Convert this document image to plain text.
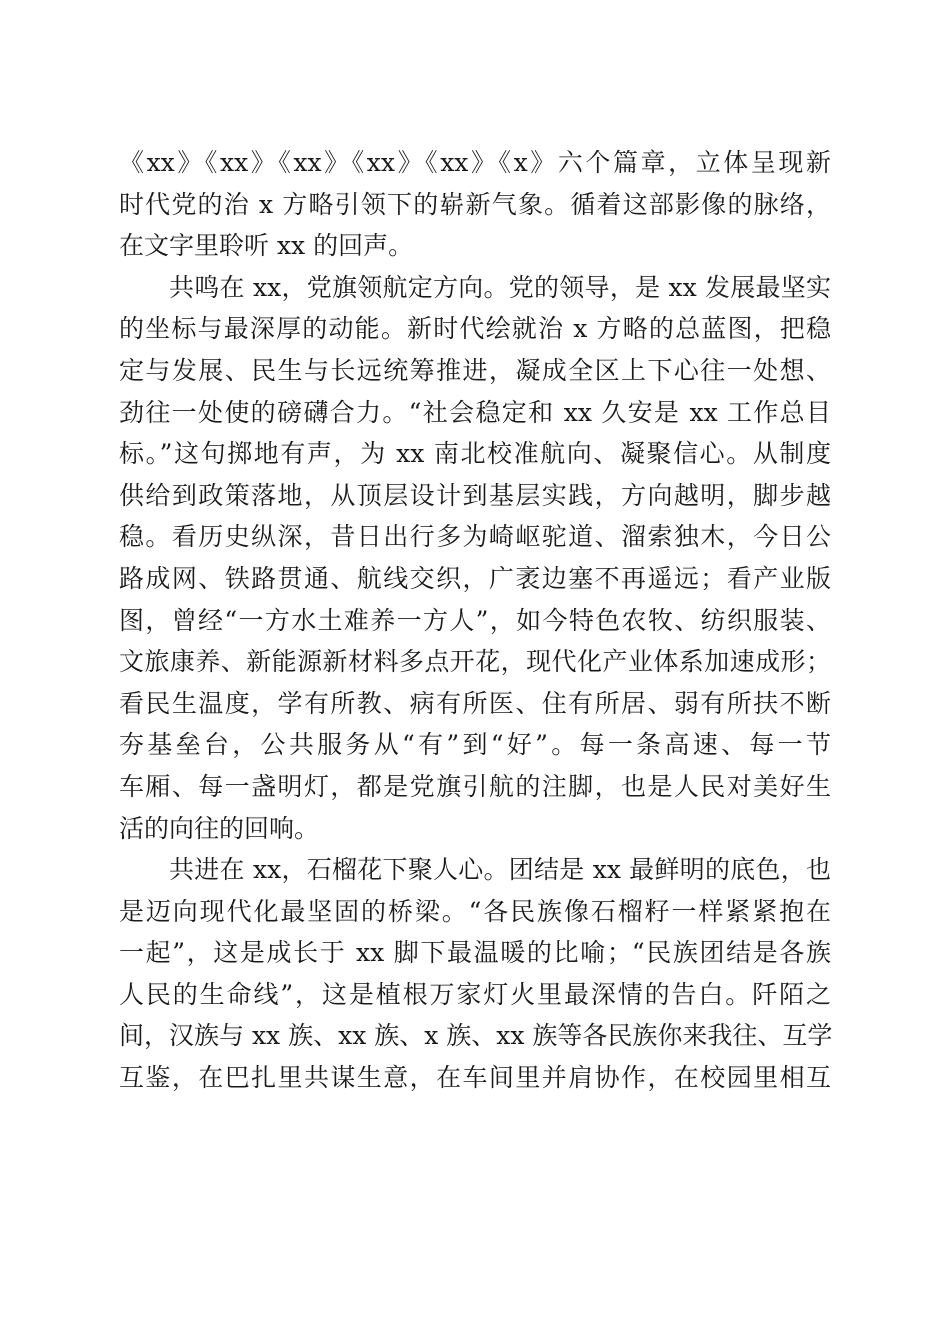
《xx》《xx》《xx》《xx》《xx》《x》六个篇章，立体呈现新
时代党的治 x 方略引领下的崭新气象。循着这部影像的脉络，
在文字里聆听 xx 的回声。
共鸣在 xx，党旗领航定方向。党的领导，是 xx 发展最坚实
的坐标与最深厚的动能。新时代绘就治 x 方略的总蓝图，把稳
定与发展、民生与长远统筹推进，凝成全区上下心往一处想、
劲往一处使的磅礴合力。“社会稳定和 xx 久安是 xx 工作总目
标。”这句掷地有声，为 xx 南北校准航向、凝聚信心。从制度
供给到政策落地，从顶层设计到基层实践，方向越明，脚步越
稳。看历史纵深，昔日出行多为崎岖驼道、溜索独木，今日公
路成网、铁路贯通、航线交织，广袤边塞不再遥远；看产业版
图，曾经“一方水土难养一方人”，如今特色农牧、纺织服装、
文旅康养、新能源新材料多点开花，现代化产业体系加速成形；
看民生温度，学有所教、病有所医、住有所居、弱有所扶不断
夯基垒台，公共服务从“有”到“好”。每一条高速、每一节
车厢、每一盏明灯，都是党旗引航的注脚，也是人民对美好生
活的向往的回响。
共进在 xx，石榴花下聚人心。团结是 xx 最鲜明的底色，也
是迈向现代化最坚固的桥梁。“各民族像石榴籽一样紧紧抱在
一起”，这是成长于 xx 脚下最温暖的比喻；“民族团结是各族
人民的生命线”，这是植根万家灯火里最深情的告白。阡陌之
间，汉族与 xx 族、xx 族、x 族、xx 族等各民族你来我往、互学
互鉴，在巴扎里共谋生意，在车间里并肩协作，在校园里相互
